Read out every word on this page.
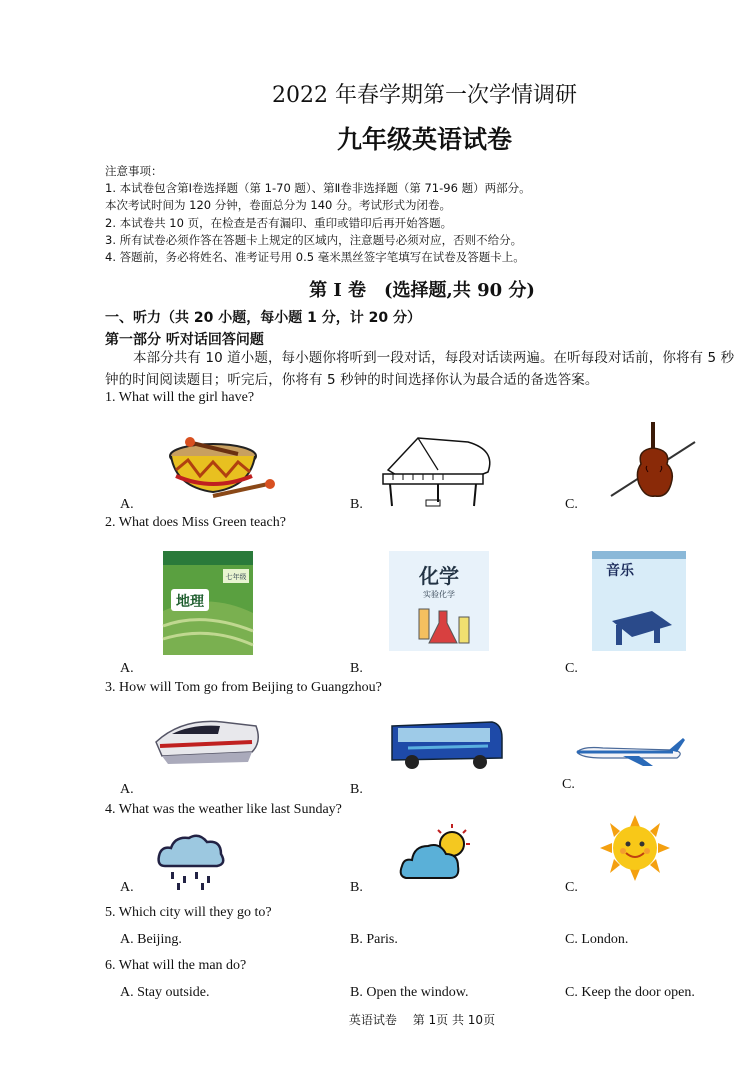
2022 年春学期第一次学情调研
九年级英语试卷
注意事项：
1. 本试卷包含第Ⅰ卷选择题（第 1-70 题）、第Ⅱ卷非选择题（第 71-96 题）两部分。
本次考试时间为 120 分钟，卷面总分为 140 分。考试形式为闭卷。
2. 本试卷共 10 页，在检查是否有漏印、重印或错印后再开始答题。
3. 所有试卷必须作答在答题卡上规定的区域内，注意题号必须对应，否则不给分。
4. 答题前，务必将姓名、准考证号用 0.5 毫米黑丝签字笔填写在试卷及答题卡上。
第 I 卷　(选择题,共 90 分)
一、听力（共 20 小题，每小题 1 分，计 20 分）
第一部分 听对话回答问题
本部分共有 10 道小题，每小题你将听到一段对话，每段对话读两遍。在听每段对话前，你将有 5 秒钟的时间阅读题目；听完后，你将有 5 秒钟的时间选择你认为最合适的备选答案。
1. What will the girl have?
A.	B.	C.
2. What does Miss Green teach?
A.	B.	C.
七年级
地理
化学
实验化学
音乐
3. How will Tom go from Beijing to Guangzhou?
A.	B.	C.
4. What was the weather like last Sunday?
A.	B.	C.
5. Which city will they go to?
A. Beijing.	B. Paris.	C. London.
6. What will the man do?
A. Stay outside.	B. Open the window.	C. Keep the door open.
英语试卷　 第 1页 共 10页
